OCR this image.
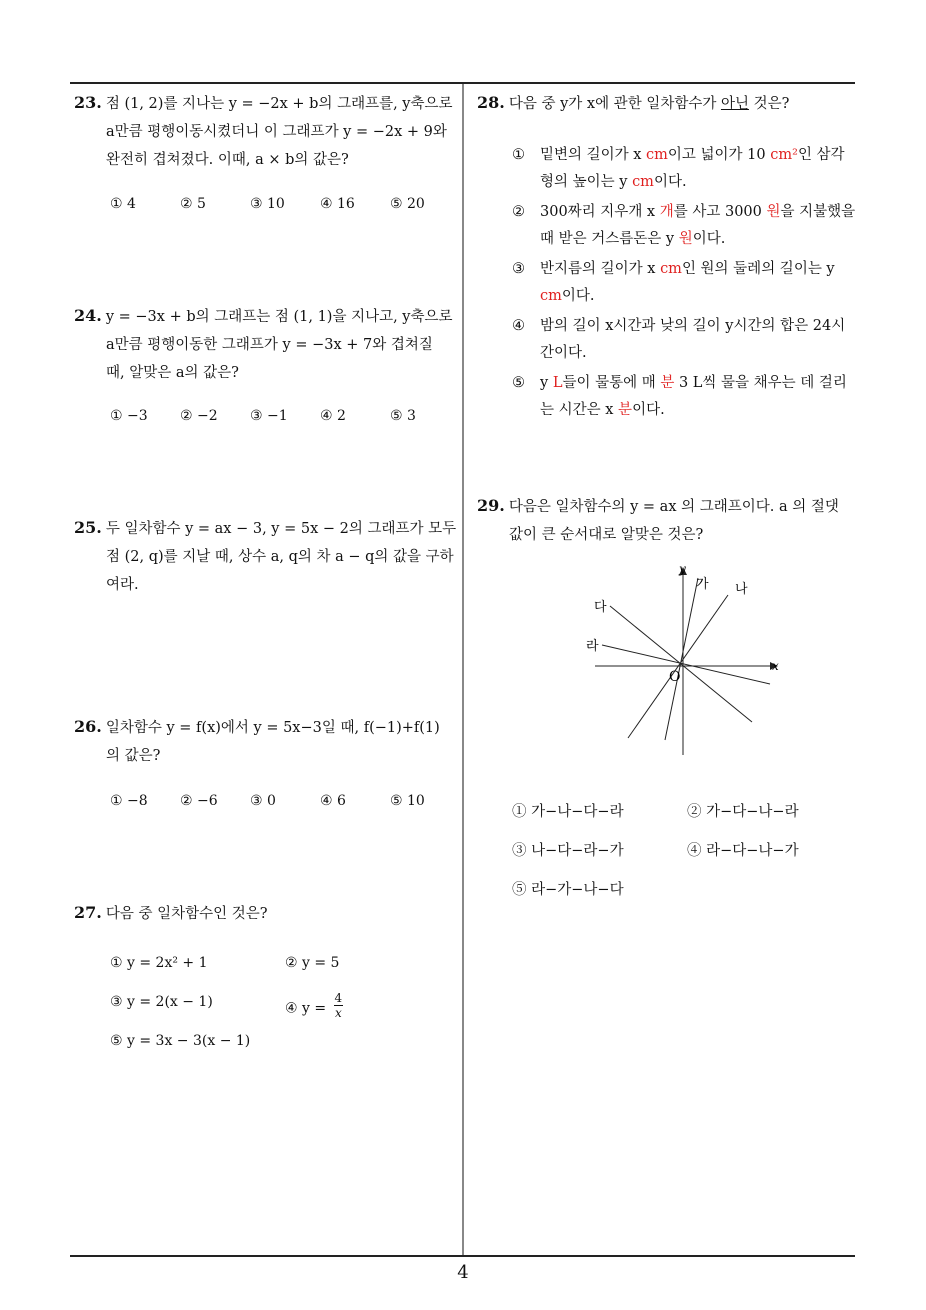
23. 점 (1, 2)를 지나는 y = −2x + b의 그래프를, y축으로
a만큼 평행이동시켰더니 이 그래프가 y = −2x + 9와
완전히 겹쳐졌다. 이때, a × b의 값은?
① 4	② 5	③ 10	④ 16	⑤ 20
24. y = −3x + b의 그래프는 점 (1, 1)을 지나고, y축으로
a만큼 평행이동한 그래프가 y = −3x + 7와 겹쳐질
때, 알맞은 a의 값은?
① −3 ② −2 ③ −1 ④ 2	⑤ 3
25. 두 일차함수 y = ax − 3, y = 5x − 2의 그래프가 모두
점 (2, q)를 지날 때, 상수 a, q의 차 a − q의 값을 구하
여라.
26. 일차함수 y = f(x)에서 y = 5x−3일 때, f(−1)+f(1)
의 값은?
① −8 ② −6 ③ 0	④ 6	⑤ 10
27. 다음 중 일차함수인 것은?
① y = 2x² + 1	② y = 5
③ y = 2(x − 1)	④ $y = \frac{4}{x}$
⑤ y = 3x − 3(x − 1)
28. 다음 중 y가 x에 관한 일차함수가 아닌 것은?
① 밑변의 길이가 x cm이고 넓이가 10 cm²인 삼각형의 높이는 y cm이다.
② 300짜리 지우개 x 개를 사고 3000 원을 지불했을 때 받은 거스름돈은 y 원이다.
③ 반지름의 길이가 x cm인 원의 둘레의 길이는 y cm이다.
④ 밤의 길이 x시간과 낮의 길이 y시간의 합은 24시간이다.
⑤ y L들이 물통에 매 분 3 L씩 물을 채우는 데 걸리는 시간은 x 분이다.
29. 다음은 일차함수의 y = ax 의 그래프이다. a 의 절댓
값이 큰 순서대로 알맞은 것은?
y
x
O
가 나
다
라
① 가−나−다−라	② 가−다−나−라
③ 나−다−라−가	④ 라−다−나−가
⑤ 라−가−나−다
4
